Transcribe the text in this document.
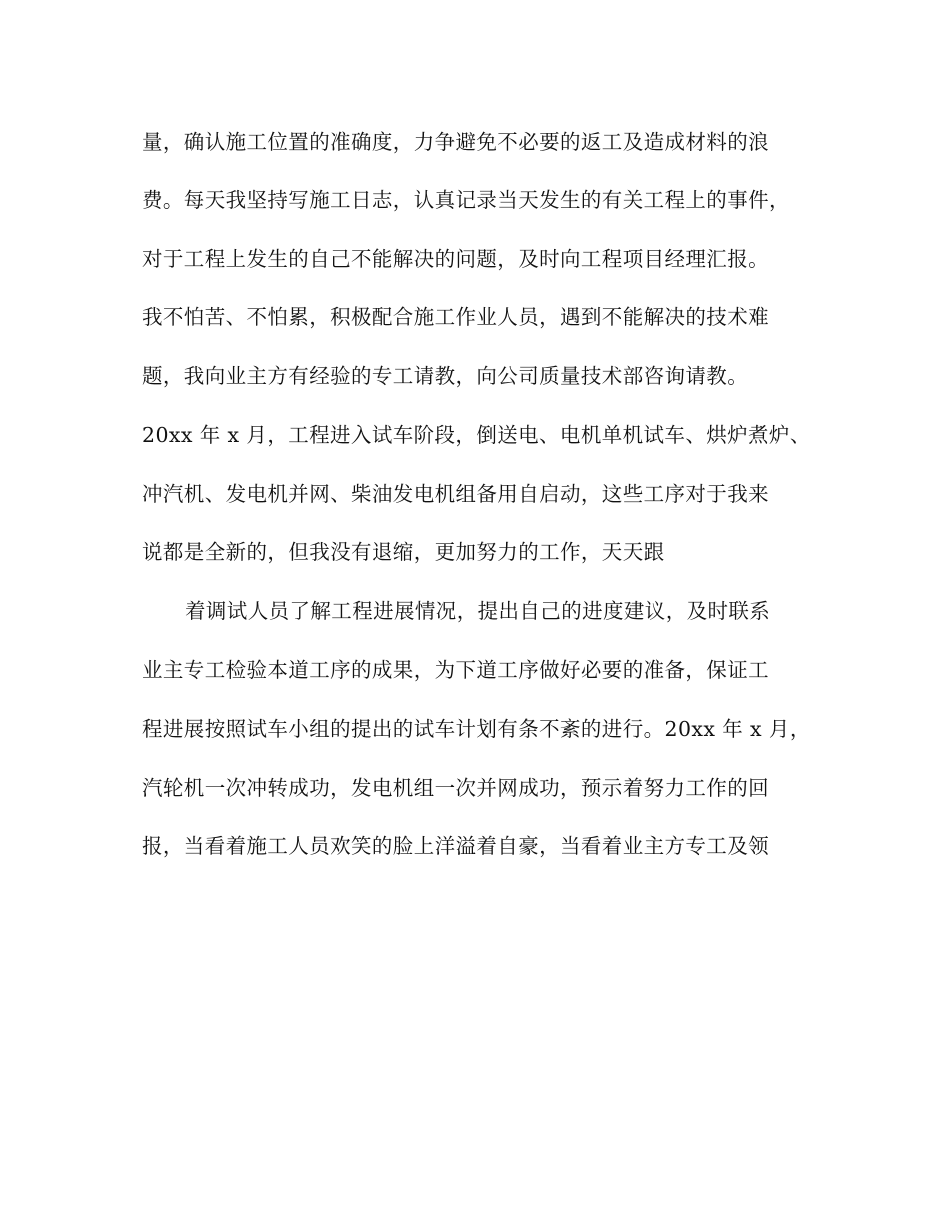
量，确认施工位置的准确度，力争避免不必要的返工及造成材料的浪

费。每天我坚持写施工日志，认真记录当天发生的有关工程上的事件，

对于工程上发生的自己不能解决的问题，及时向工程项目经理汇报。

我不怕苦、不怕累，积极配合施工作业人员，遇到不能解决的技术难

题，我向业主方有经验的专工请教，向公司质量技术部咨询请教。

20xx 年 x 月，工程进入试车阶段，倒送电、电机单机试车、烘炉煮炉、

冲汽机、发电机并网、柴油发电机组备用自启动，这些工序对于我来

说都是全新的，但我没有退缩，更加努力的工作，天天跟

着调试人员了解工程进展情况，提出自己的进度建议，及时联系

业主专工检验本道工序的成果，为下道工序做好必要的准备，保证工

程进展按照试车小组的提出的试车计划有条不紊的进行。20xx 年 x 月，

汽轮机一次冲转成功，发电机组一次并网成功，预示着努力工作的回

报，当看着施工人员欢笑的脸上洋溢着自豪，当看着业主方专工及领
